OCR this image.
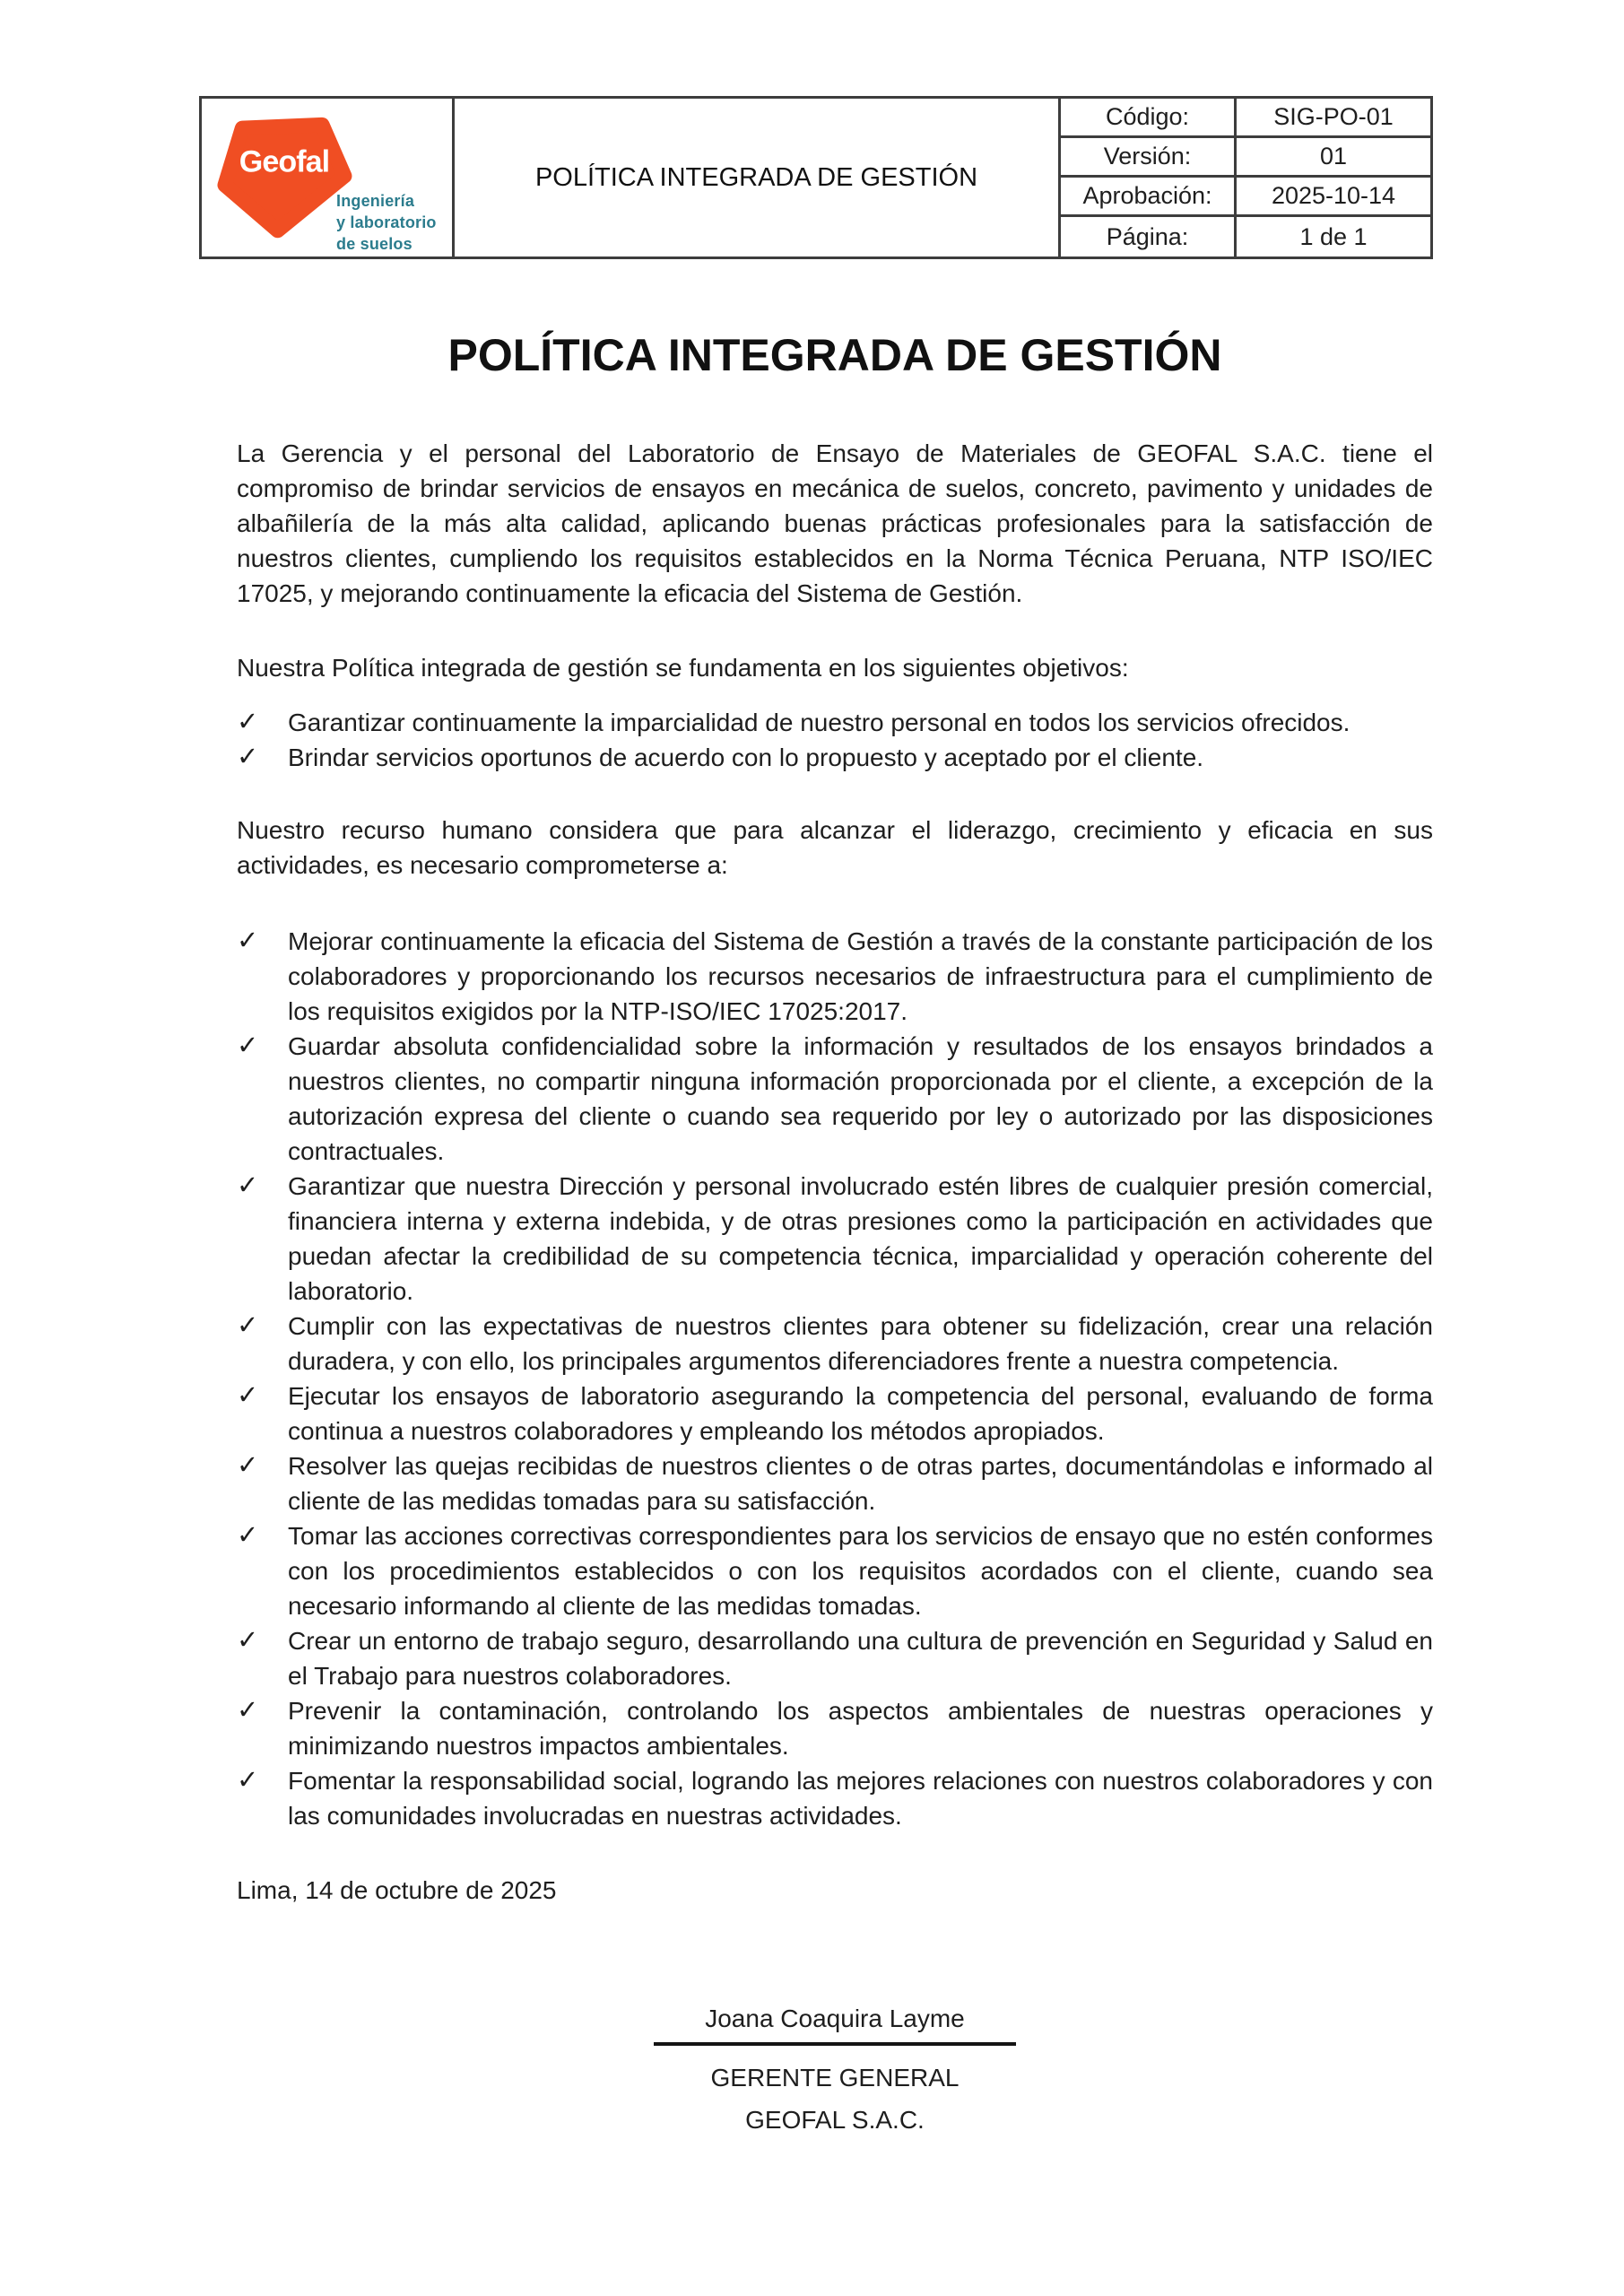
Geofal
Ingeniería
y laboratorio
de suelos
POLÍTICA INTEGRADA DE GESTIÓN
Código:	SIG-PO-01
Versión:	01
Aprobación:	2025-10-14
Página:	1 de 1
POLÍTICA INTEGRADA DE GESTIÓN

La Gerencia y el personal del Laboratorio de Ensayo de Materiales de GEOFAL S.A.C. tiene el compromiso de brindar servicios de ensayos en mecánica de suelos, concreto, pavimento y unidades de albañilería de la más alta calidad, aplicando buenas prácticas profesionales para la satisfacción de nuestros clientes, cumpliendo los requisitos establecidos en la Norma Técnica Peruana, NTP ISO/IEC 17025, y mejorando continuamente la eficacia del Sistema de Gestión.

Nuestra Política integrada de gestión se fundamenta en los siguientes objetivos:

✓	Garantizar continuamente la imparcialidad de nuestro personal en todos los servicios ofrecidos.
✓	Brindar servicios oportunos de acuerdo con lo propuesto y aceptado por el cliente.

Nuestro recurso humano considera que para alcanzar el liderazgo, crecimiento y eficacia en sus actividades, es necesario comprometerse a:

✓	Mejorar continuamente la eficacia del Sistema de Gestión a través de la constante participación de los colaboradores y proporcionando los recursos necesarios de infraestructura para el cumplimiento de los requisitos exigidos por la NTP-ISO/IEC 17025:2017.
✓	Guardar absoluta confidencialidad sobre la información y resultados de los ensayos brindados a nuestros clientes, no compartir ninguna información proporcionada por el cliente, a excepción de la autorización expresa del cliente o cuando sea requerido por ley o autorizado por las disposiciones contractuales.
✓	Garantizar que nuestra Dirección y personal involucrado estén libres de cualquier presión comercial, financiera interna y externa indebida, y de otras presiones como la participación en actividades que puedan afectar la credibilidad de su competencia técnica, imparcialidad y operación coherente del laboratorio.
✓	Cumplir con las expectativas de nuestros clientes para obtener su fidelización, crear una relación duradera, y con ello, los principales argumentos diferenciadores frente a nuestra competencia.
✓	Ejecutar los ensayos de laboratorio asegurando la competencia del personal, evaluando de forma continua a nuestros colaboradores y empleando los métodos apropiados.
✓	Resolver las quejas recibidas de nuestros clientes o de otras partes, documentándolas e informado al cliente de las medidas tomadas para su satisfacción.
✓	Tomar las acciones correctivas correspondientes para los servicios de ensayo que no estén conformes con los procedimientos establecidos o con los requisitos acordados con el cliente, cuando sea necesario informando al cliente de las medidas tomadas.
✓	Crear un entorno de trabajo seguro, desarrollando una cultura de prevención en Seguridad y Salud en el Trabajo para nuestros colaboradores.
✓	Prevenir la contaminación, controlando los aspectos ambientales de nuestras operaciones y minimizando nuestros impactos ambientales.
✓	Fomentar la responsabilidad social, logrando las mejores relaciones con nuestros colaboradores y con las comunidades involucradas en nuestras actividades.

Lima, 14 de octubre de 2025

Joana Coaquira Layme
GERENTE GENERAL
GEOFAL S.A.C.
